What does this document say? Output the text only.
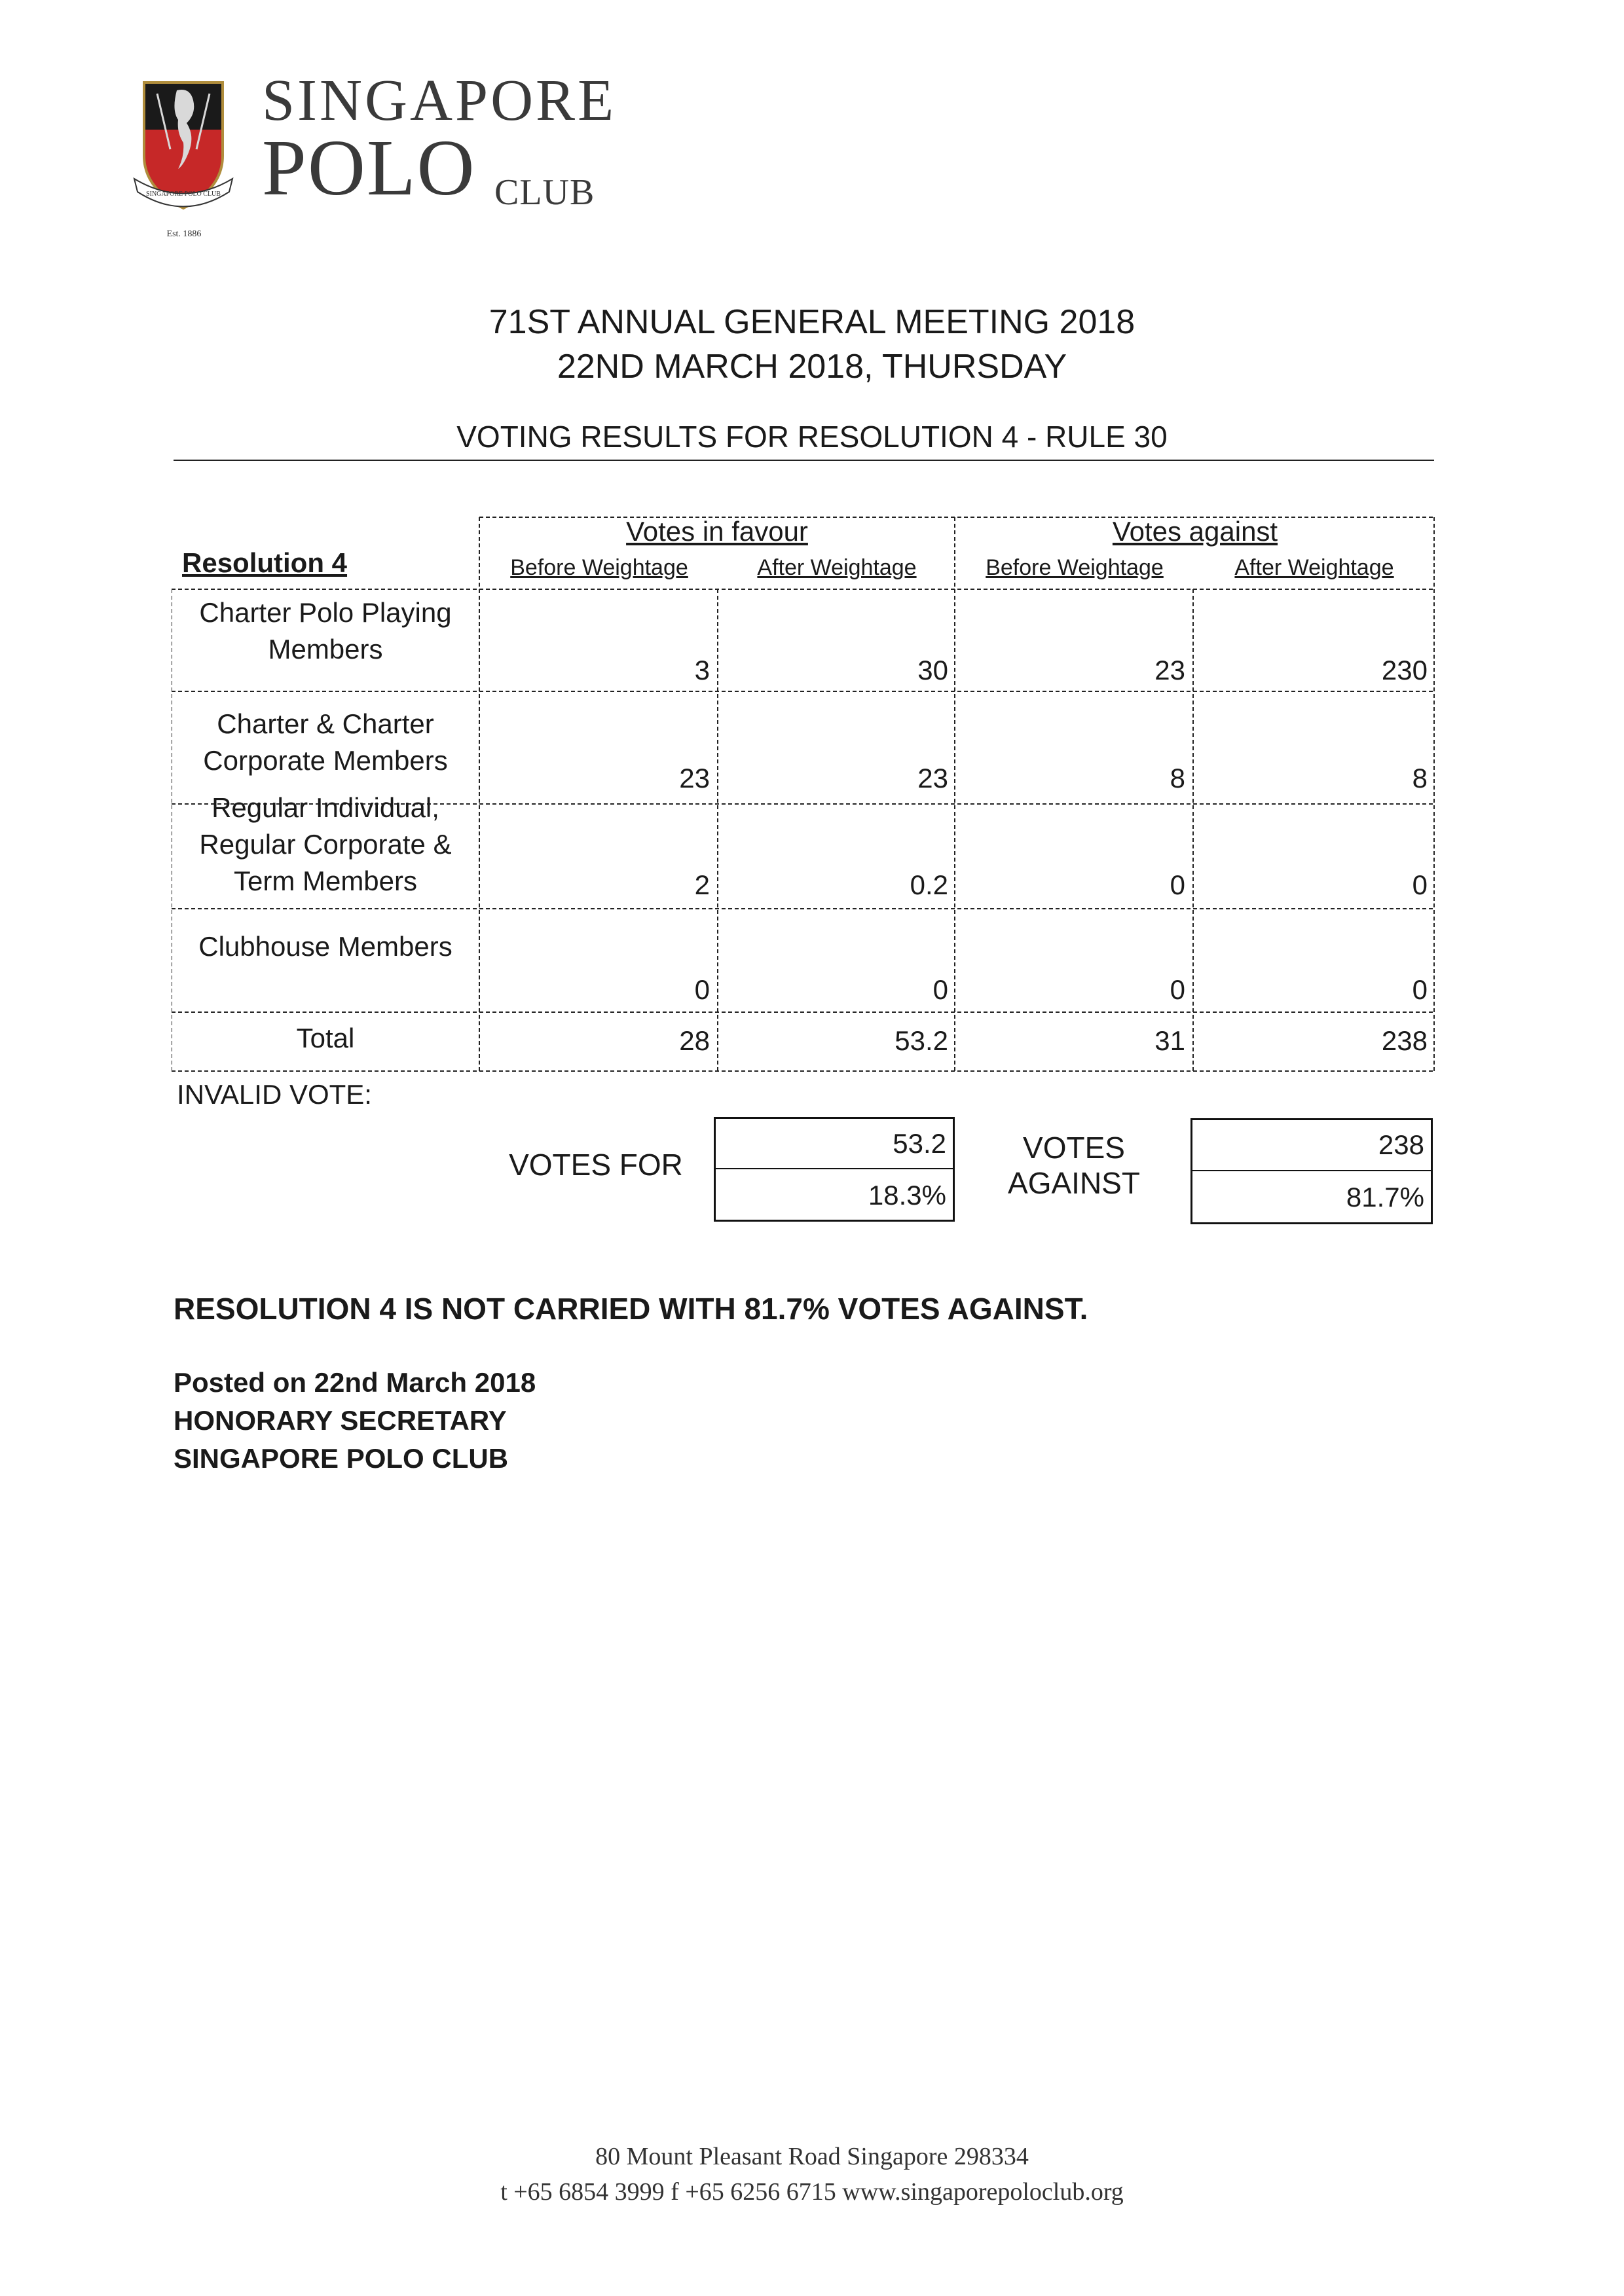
SINGAPORE POLO CLUB
Est. 1886
SINGAPORE
POLO CLUB
71ST ANNUAL GENERAL MEETING 2018
22ND MARCH 2018, THURSDAY
VOTING RESULTS FOR RESOLUTION 4 - RULE 30
Resolution 4
Votes in favour	Votes against
Before Weightage	After Weightage	Before Weightage	After Weightage
Charter Polo Playing
Members
3	30	23	230
Charter & Charter
Corporate Members
23	23	8	8
Regular Individual,
Regular Corporate &
Term Members	2	0.2	0	0
Clubhouse Members
0	0	0	0
Total	28	53.2	31	238
INVALID VOTE:
VOTES FOR
53.2
18.3%
VOTES
AGAINST
238
81.7%
RESOLUTION 4 IS NOT CARRIED WITH 81.7% VOTES AGAINST.
Posted on 22nd March 2018
HONORARY SECRETARY
SINGAPORE POLO CLUB
80 Mount Pleasant Road Singapore 298334
t +65 6854 3999 f +65 6256 6715 www.singaporepoloclub.org
